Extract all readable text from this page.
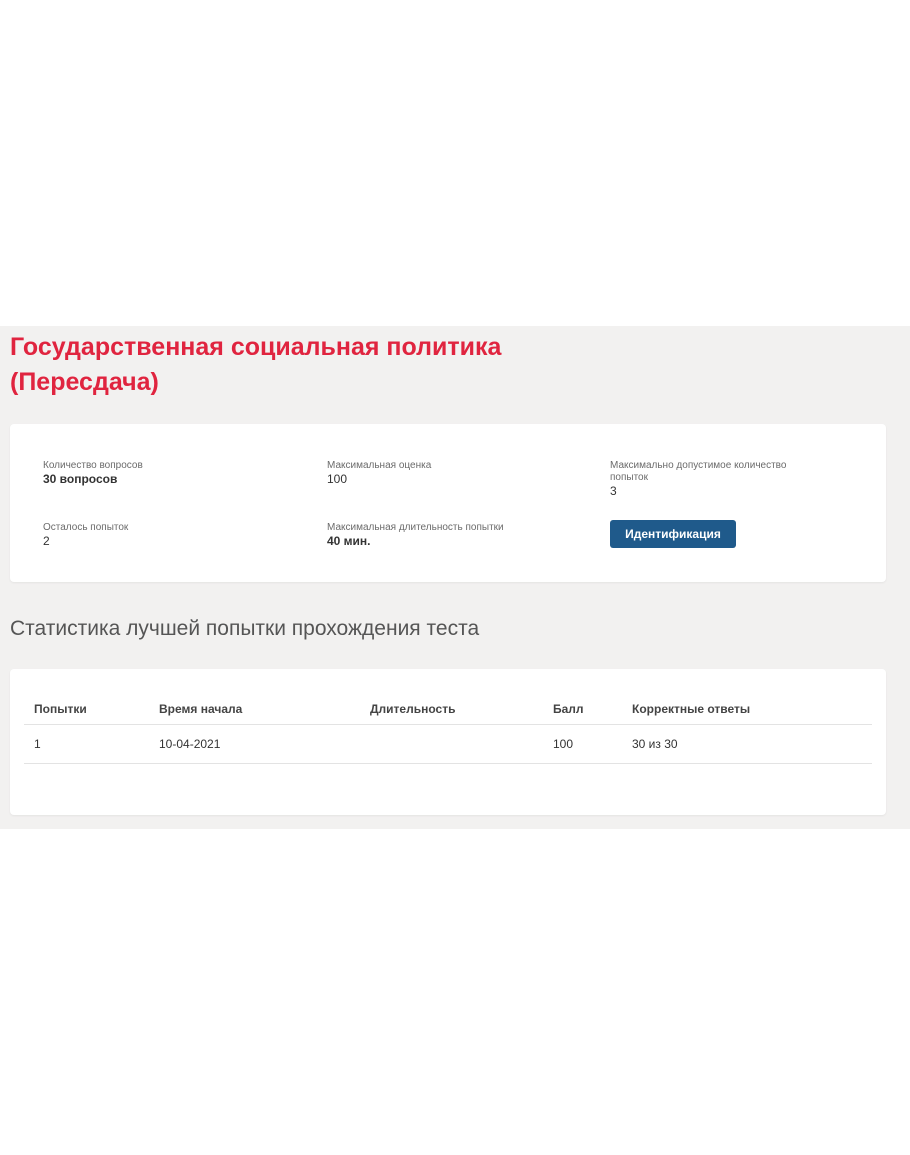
Государственная социальная политика (Пересдача)
Количество вопросов
30 вопросов
Максимальная оценка
100
Максимально допустимое количество попыток
3
Осталось попыток
2
Максимальная длительность попытки
40 мин.	Идентификация
Статистика лучшей попытки прохождения теста
Попытки	Время начала	Длительность	Балл	Корректные ответы
1	10-04-2021		100	30 из 30
